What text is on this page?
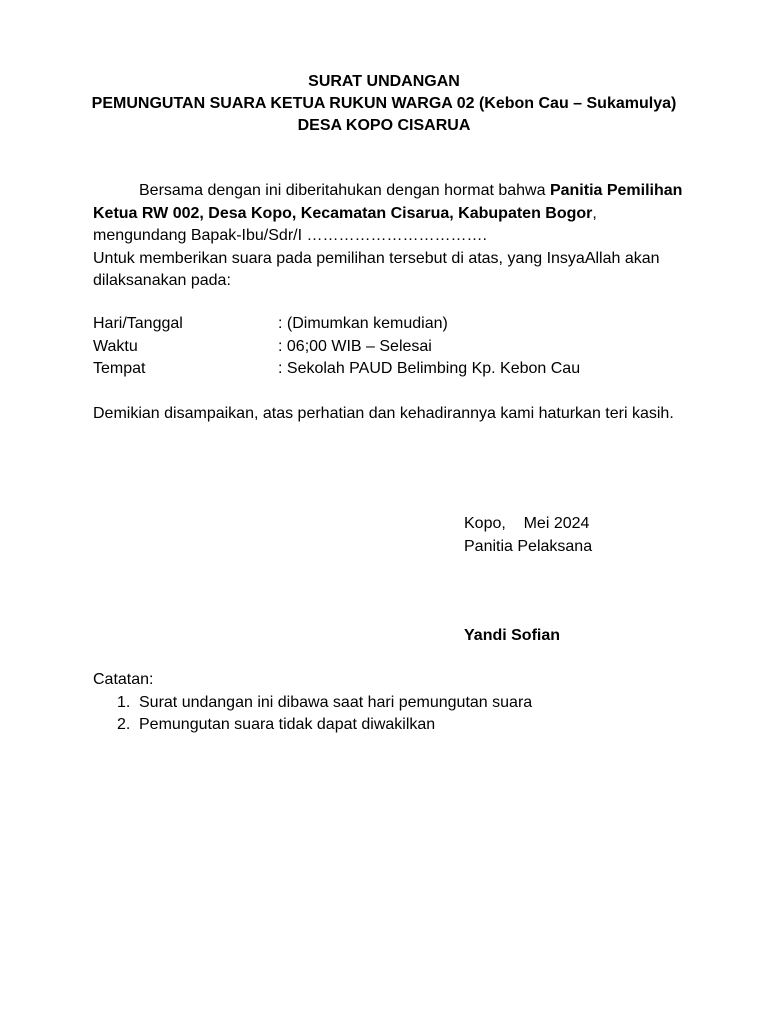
SURAT UNDANGAN
PEMUNGUTAN SUARA KETUA RUKUN WARGA 02 (Kebon Cau – Sukamulya)
DESA KOPO CISARUA
Bersama dengan ini diberitahukan dengan hormat bahwa Panitia Pemilihan Ketua RW 002, Desa Kopo, Kecamatan Cisarua, Kabupaten Bogor, mengundang Bapak-Ibu/Sdr/I …………………………….
Untuk memberikan suara pada pemilihan tersebut di atas, yang InsyaAllah akan dilaksanakan pada:
Hari/Tanggal	: (Dimumkan kemudian)
Waktu	: 06;00 WIB – Selesai
Tempat	: Sekolah PAUD Belimbing Kp. Kebon Cau
Demikian disampaikan, atas perhatian dan kehadirannya kami haturkan teri kasih.
Kopo,    Mei 2024
Panitia Pelaksana
Yandi Sofian
Catatan:
1. Surat undangan ini dibawa saat hari pemungutan suara
2. Pemungutan suara tidak dapat diwakilkan
